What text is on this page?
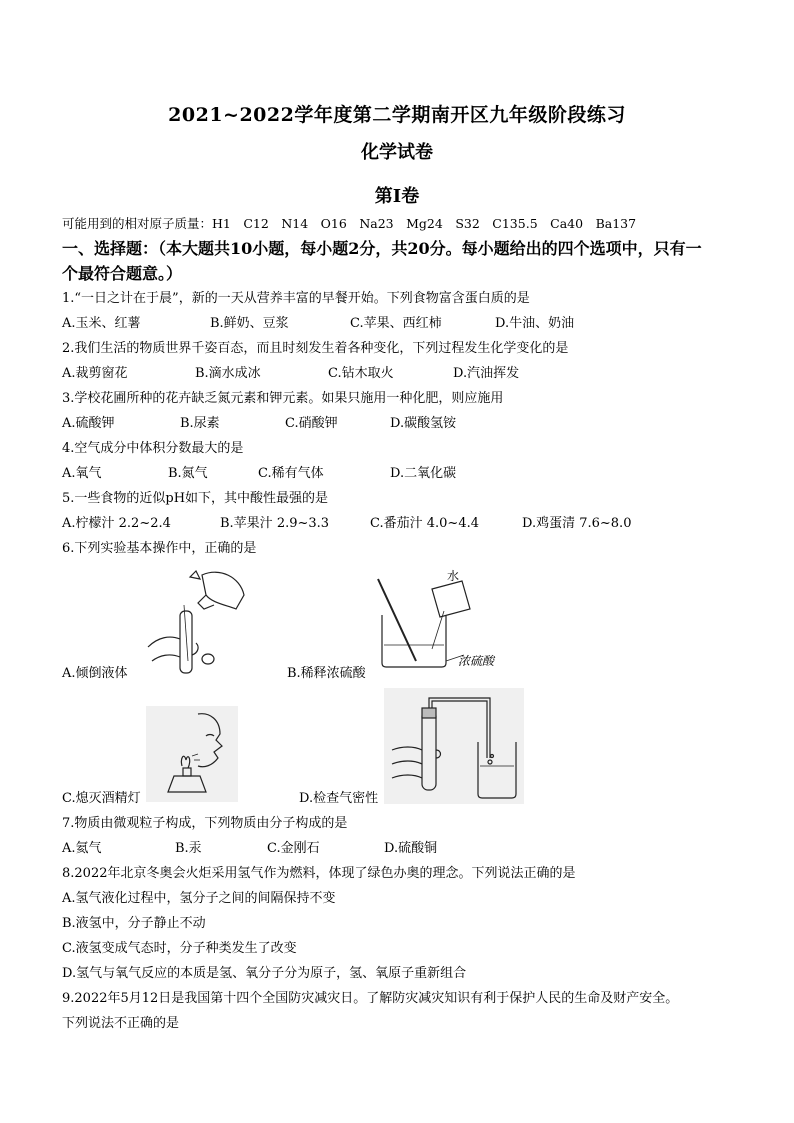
2021~2022学年度第二学期南开区九年级阶段练习
化学试卷
第I卷
可能用到的相对原子质量：H1　C12　N14　O16　Na23　Mg24　S32　C135.5　Ca40　Ba137
一、选择题：（本大题共10小题，每小题2分，共20分。每小题给出的四个选项中，只有一
个最符合题意。）
1.“一日之计在于晨”，新的一天从营养丰富的早餐开始。下列食物富含蛋白质的是
A.玉米、红薯	B.鲜奶、豆浆	C.苹果、西红柿	D.牛油、奶油
2.我们生活的物质世界千姿百态，而且时刻发生着各种变化，下列过程发生化学变化的是
A.裁剪窗花	B.滴水成冰	C.钻木取火	D.汽油挥发
3.学校花圃所种的花卉缺乏氮元素和钾元素。如果只施用一种化肥，则应施用
A.硫酸钾	B.尿素	C.硝酸钾	D.碳酸氢铵
4.空气成分中体积分数最大的是
A.氧气	B.氮气	C.稀有气体	D.二氧化碳
5.一些食物的近似pH如下，其中酸性最强的是
A.柠檬汁 2.2~2.4	B.苹果汁 2.9~3.3	C.番茄汁 4.0~4.4	D.鸡蛋清 7.6~8.0
6.下列实验基本操作中，正确的是
A.倾倒液体
水
浓硫酸
B.稀释浓硫酸
C.熄灭酒精灯	D.检查气密性
7.物质由微观粒子构成，下列物质由分子构成的是
A.氦气	B.汞	C.金刚石	D.硫酸铜
8.2022年北京冬奥会火炬采用氢气作为燃料，体现了绿色办奥的理念。下列说法正确的是
A.氢气液化过程中，氢分子之间的间隔保持不变
B.液氢中，分子静止不动
C.液氢变成气态时，分子种类发生了改变
D.氢气与氧气反应的本质是氢、氧分子分为原子，氢、氧原子重新组合
9.2022年5月12日是我国第十四个全国防灾减灾日。了解防灾减灾知识有利于保护人民的生命及财产安全。
下列说法不正确的是
